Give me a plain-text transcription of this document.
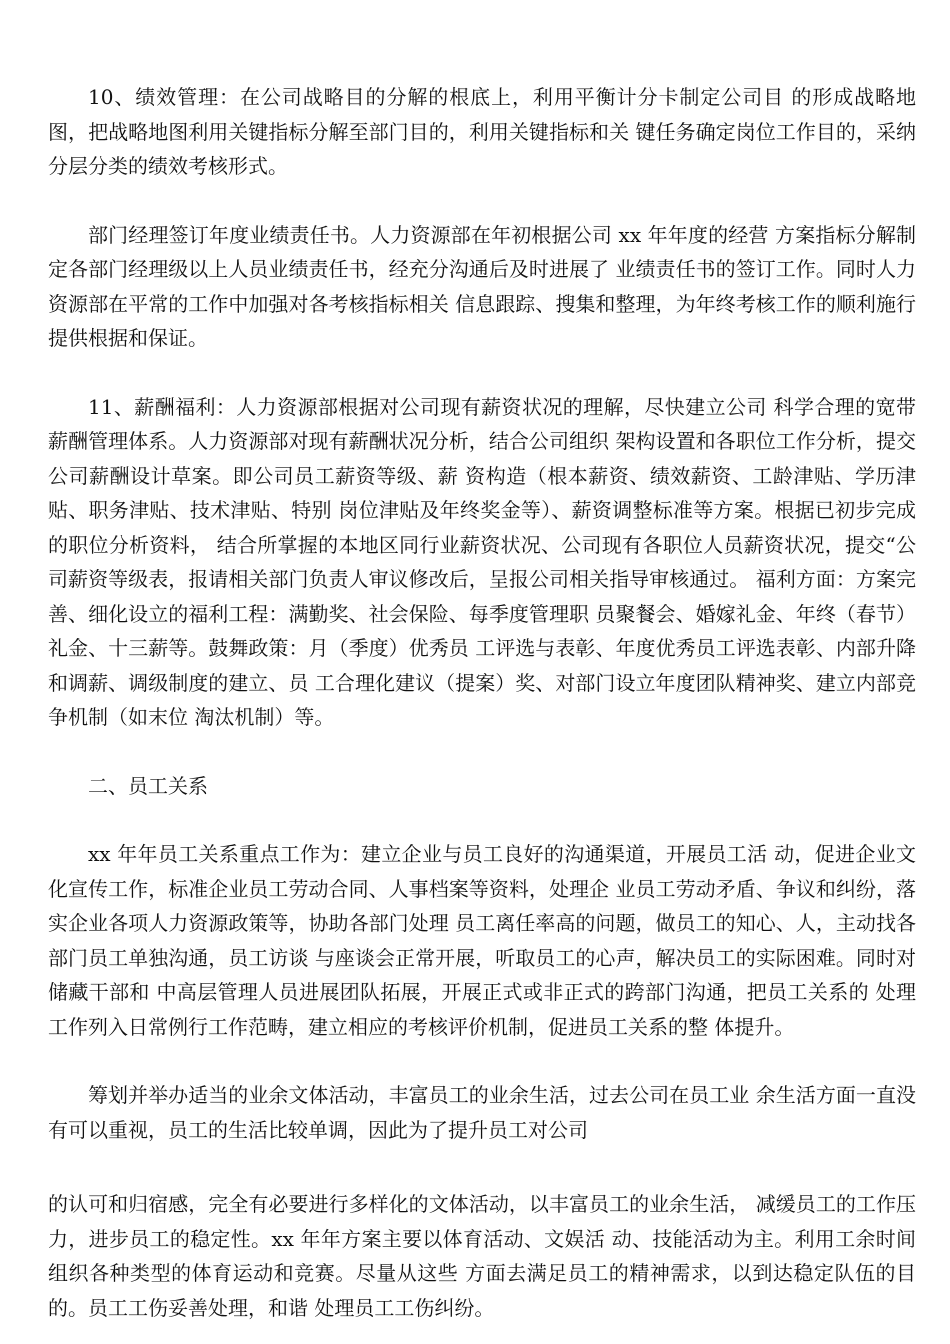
10、绩效管理：在公司战略目的分解的根底上，利用平衡计分卡制定公司目 的形成战略地图，把战略地图利用关键指标分解至部门目的，利用关键指标和关 键任务确定岗位工作目的，采纳分层分类的绩效考核形式。

部门经理签订年度业绩责任书。人力资源部在年初根据公司 xx 年年度的经营 方案指标分解制定各部门经理级以上人员业绩责任书，经充分沟通后及时进展了 业绩责任书的签订工作。同时人力资源部在平常的工作中加强对各考核指标相关 信息跟踪、搜集和整理，为年终考核工作的顺利施行提供根据和保证。

11、薪酬福利：人力资源部根据对公司现有薪资状况的理解，尽快建立公司 科学合理的宽带薪酬管理体系。人力资源部对现有薪酬状况分析，结合公司组织 架构设置和各职位工作分析，提交公司薪酬设计草案。即公司员工薪资等级、薪 资构造（根本薪资、绩效薪资、工龄津贴、学历津贴、职务津贴、技术津贴、特别 岗位津贴及年终奖金等）、薪资调整标准等方案。根据已初步完成的职位分析资料， 结合所掌握的本地区同行业薪资状况、公司现有各职位人员薪资状况，提交“公 司薪资等级表，报请相关部门负责人审议修改后，呈报公司相关指导审核通过。 福利方面：方案完善、细化设立的福利工程：满勤奖、社会保险、每季度管理职 员聚餐会、婚嫁礼金、年终（春节）礼金、十三薪等。鼓舞政策：月（季度）优秀员 工评选与表彰、年度优秀员工评选表彰、内部升降和调薪、调级制度的建立、员 工合理化建议（提案）奖、对部门设立年度团队精神奖、建立内部竞争机制（如末位 淘汰机制）等。

二、员工关系

xx 年年员工关系重点工作为：建立企业与员工良好的沟通渠道，开展员工活 动，促进企业文化宣传工作，标准企业员工劳动合同、人事档案等资料，处理企 业员工劳动矛盾、争议和纠纷，落实企业各项人力资源政策等，协助各部门处理 员工离任率高的问题，做员工的知心、人，主动找各部门员工单独沟通，员工访谈 与座谈会正常开展，听取员工的心声，解决员工的实际困难。同时对储藏干部和 中高层管理人员进展团队拓展，开展正式或非正式的跨部门沟通，把员工关系的 处理工作列入日常例行工作范畴，建立相应的考核评价机制，促进员工关系的整 体提升。

筹划并举办适当的业余文体活动，丰富员工的业余生活，过去公司在员工业 余生活方面一直没有可以重视，员工的生活比较单调，因此为了提升员工对公司

的认可和归宿感，完全有必要进行多样化的文体活动，以丰富员工的业余生活， 减缓员工的工作压力，进步员工的稳定性。xx 年年方案主要以体育活动、文娱活 动、技能活动为主。利用工余时间组织各种类型的体育运动和竞赛。尽量从这些 方面去满足员工的精神需求，以到达稳定队伍的目的。员工工伤妥善处理，和谐 处理员工工伤纠纷。
